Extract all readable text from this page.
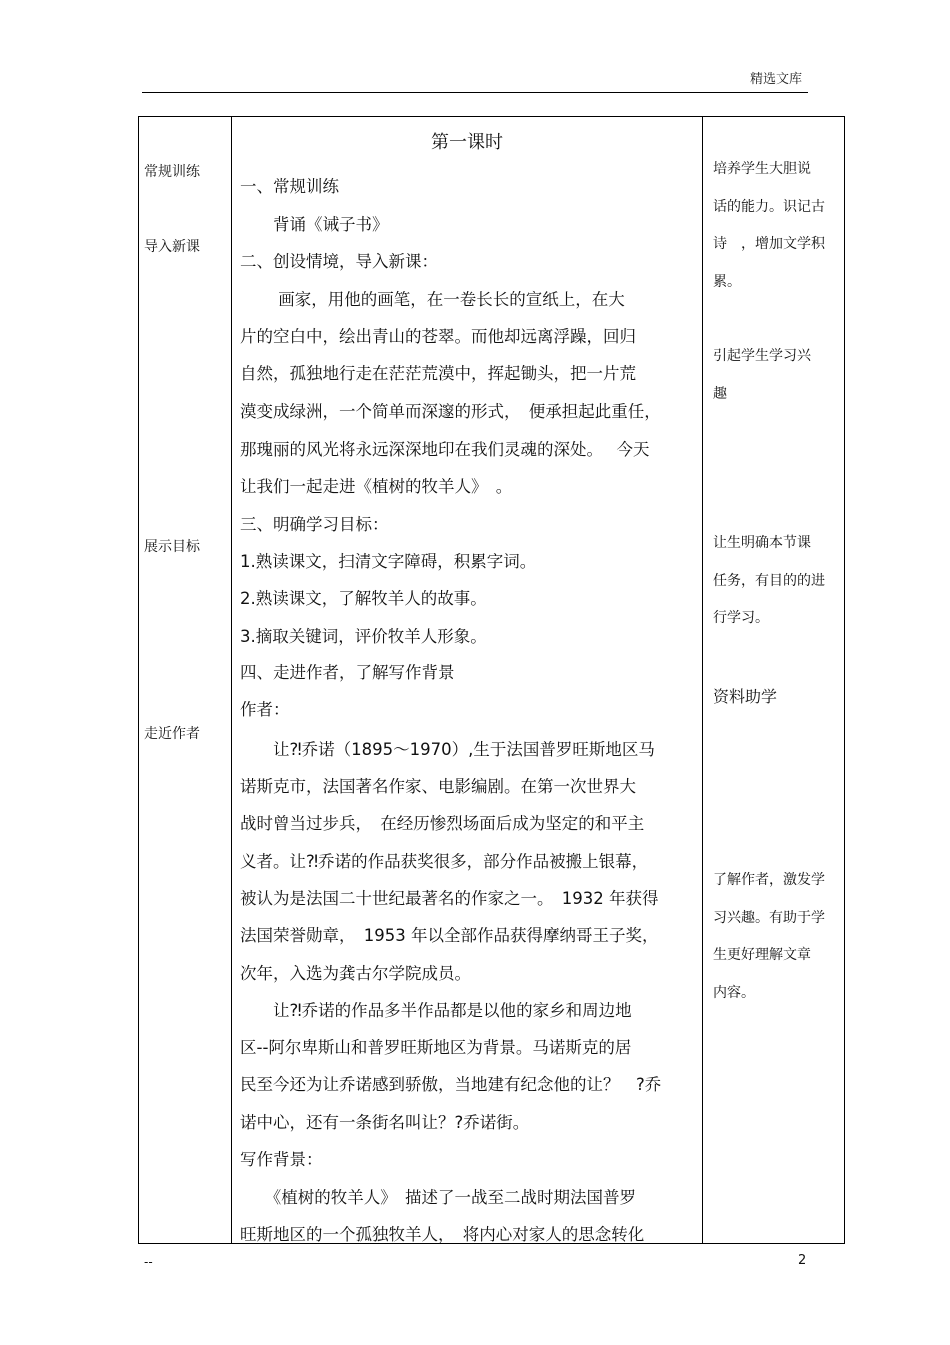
精选文库
常规训练
导入新课
展示目标
走近作者
第一课时
一、常规训练
　　背诵《诫子书》
二、创设情境，导入新课：
　　 画家，用他的画笔，在一卷长长的宣纸上，在大
片的空白中，绘出青山的苍翠。而他却远离浮躁，回归
自然，孤独地行走在茫茫荒漠中，挥起锄头，把一片荒
漠变成绿洲，一个简单而深邃的形式，　便承担起此重任，
那瑰丽的风光将永远深深地印在我们灵魂的深处。　 今天
让我们一起走进《植树的牧羊人》　。
三、明确学习目标：
1.熟读课文，扫清文字障碍，积累字词。
2.熟读课文，了解牧羊人的故事。
3.摘取关键词，评价牧羊人形象。
四、走进作者，了解写作背景
作者：
　　让⁈乔诺（1895～1970）,生于法国普罗旺斯地区马
诺斯克市，法国著名作家、电影编剧。在第一次世界大
战时曾当过步兵，　在经历惨烈场面后成为坚定的和平主
义者。让⁈乔诺的作品获奖很多，部分作品被搬上银幕，
被认为是法国二十世纪最著名的作家之一。　1932 年获得
法国荣誉勋章，　1953 年以全部作品获得摩纳哥王子奖，
次年，入选为龚古尔学院成员。
　　让⁈乔诺的作品多半作品都是以他的家乡和周边地
区--阿尔卑斯山和普罗旺斯地区为背景。马诺斯克的居
民至今还为让乔诺感到骄傲，当地建有纪念他的让？　?乔
诺中心，还有一条街名叫让？?乔诺街。
写作背景：
　　《植树的牧羊人》　描述了一战至二战时期法国普罗
旺斯地区的一个孤独牧羊人，　将内心对家人的思念转化
培养学生大胆说
话的能力。识记古
诗　，增加文学积
累。
引起学生学习兴
趣
让生明确本节课
任务，有目的的进
行学习。
资料助学
了解作者，激发学
习兴趣。有助于学
生更好理解文章
内容。
--	2
